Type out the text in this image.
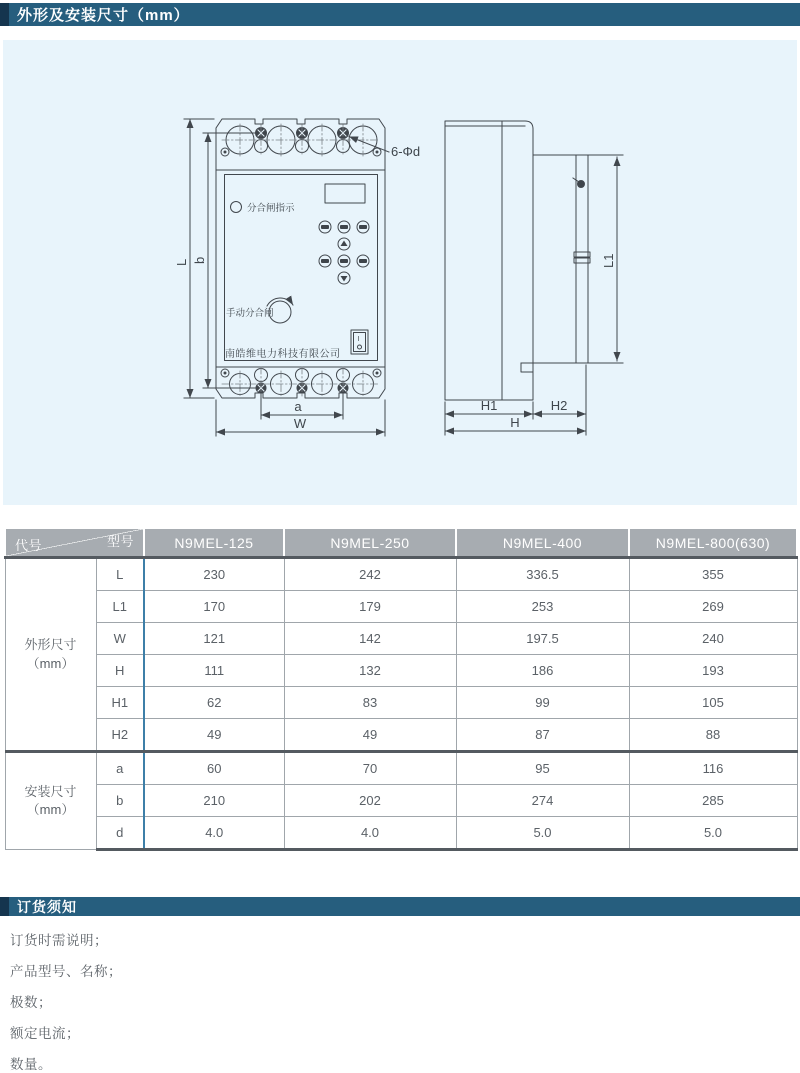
外形及安装尺寸（mm）
分合闸指示
手动分合闸
南皓维电力科技有限公司
I
6-Φd
L b
a
W
L1
H1	H2
H
型号
代号		N9MEL-125	N9MEL-250	N9MEL-400	N9MEL-800(630)

外形尺寸
（mm）	L	230	242	336.5	355
	L1	170	179	253	269
	W	121	142	197.5	240
	H	111	132	186	193
	H1	62	83	99	105
	H2	49	49	87	88

安装尺寸
（mm）	a	60	70	95	116
	b	210	202	274	285
	d	4.0	4.0	5.0	5.0
订货须知

订货时需说明；

产品型号、名称；

极数；

额定电流；

数量。
